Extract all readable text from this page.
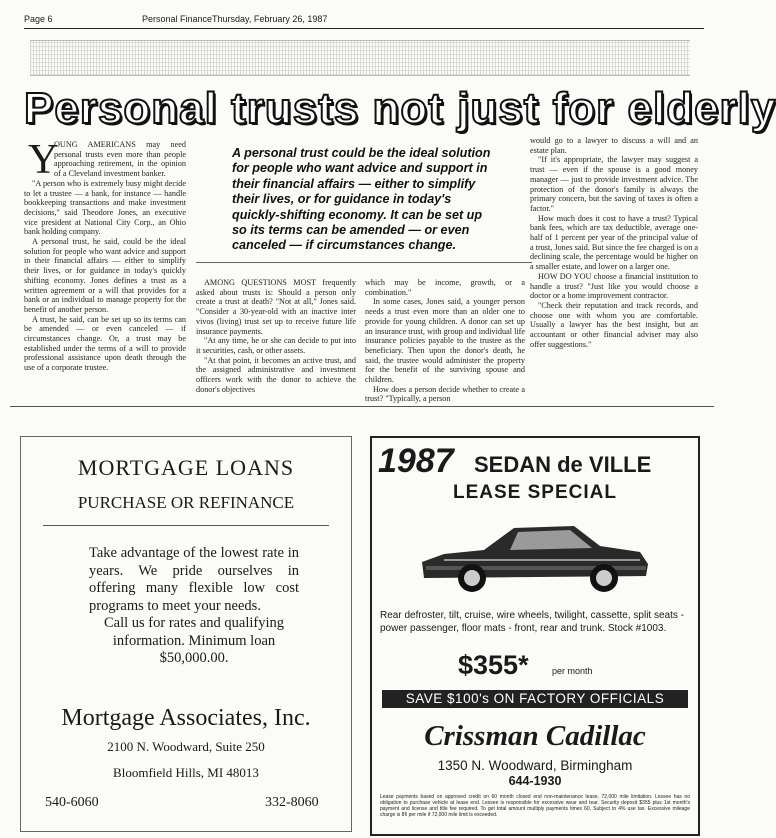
Page 6	Personal Finance Thursday, February 26, 1987
Personal trusts not just for elderly
Y

OUNG AMERICANS may need personal trusts even more than people approaching retirement, in the opinion of a Cleveland investment banker.

"A person who is extremely busy might decide to let a trustee — a bank, for instance — handle bookkeeping transactions and make investment decisions," said Theodore Jones, an executive vice president at National City Corp., an Ohio bank holding company.

A personal trust, he said, could be the ideal solution for people who want advice and support in their financial affairs — either to simplify their lives, or for guidance in today's quickly shifting economy. Jones defines a trust as a written agreement or a will that provides for a bank or an individual to manage property for the benefit of another person.

A trust, he said, can be set up so its terms can be amended — or even canceled — if circumstances change. Or, a trust may be established under the terms of a will to provide professional assistance upon death through the use of a corporate trustee.

A personal trust could be the ideal solution for people who want advice and support in their financial affairs — either to simplify their lives, or for guidance in today's quickly-shifting economy. It can be set up so its terms can be amended — or even canceled — if circumstances change.

AMONG QUESTIONS MOST frequently asked about trusts is: Should a person only create a trust at death? "Not at all," Jones said. "Consider a 30-year-old with an inactive inter vivos (living) trust set up to receive future life insurance payments.

"At any time, he or she can decide to put into it securities, cash, or other assets.

"At that point, it becomes an active trust, and the assigned administrative and investment officers work with the donor to achieve the donor's objectives

which may be income, growth, or a combination."

In some cases, Jones said, a younger person needs a trust even more than an older one to provide for young children. A donor can set up an insurance trust, with group and individual life insurance policies payable to the trustee as the beneficiary. Then upon the donor's death, he said, the trustee would administer the property for the benefit of the surviving spouse and children.

How does a person decide whether to create a trust? "Typically, a person

would go to a lawyer to discuss a will and an estate plan.

"If it's appropriate, the lawyer may suggest a trust — even if the spouse is a good money manager — just to provide investment advice. The protection of the donor's family is always the primary concern, but the saving of taxes is often a factor."

How much does it cost to have a trust? Typical bank fees, which are tax deductible, average one-half of 1 percent per year of the principal value of a trust, Jones said. But since the fee charged is on a declining scale, the percentage would be higher on a smaller estate, and lower on a larger one.

HOW DO YOU choose a financial institution to handle a trust? "Just like you would choose a doctor or a home improvement contractor.

"Check their reputation and track records, and choose one with whom you are comfortable. Usually a lawyer has the best insight, but an accountant or other financial adviser may also offer suggestions."

MORTGAGE LOANS
PURCHASE OR REFINANCE
Take advantage of the lowest rate in years. We pride ourselves in offering many flexible low cost programs to meet your needs.
Call us for rates and qualifying information. Minimum loan $50,000.00.
Mortgage Associates, Inc.
2100 N. Woodward, Suite 250
Bloomfield Hills, MI 48013
540-6060	332-8060
1987 SEDAN de VILLE
LEASE SPECIAL
Rear defroster, tilt, cruise, wire wheels, twilight, cassette, split seats - power passenger, floor mats - front, rear and trunk. Stock #1003.
$355*	per month
SAVE $100's ON FACTORY OFFICIALS
Crissman Cadillac
1350 N. Woodward, Birmingham
644-1930
Lease payments based on approved credit on 60 month closed end non-maintenance lease, 72,000 mile limitation. Lessee has no obligation to purchase vehicle at lease end. Lessee is responsible for excessive wear and tear. Security deposit $355 plus 1st month's payment and license and title fee required. To get total amount multiply payments times 60. Subject to 4% use tax. Excessive mileage charge is 8¢ per mile if 72,000 mile limit is exceeded.
